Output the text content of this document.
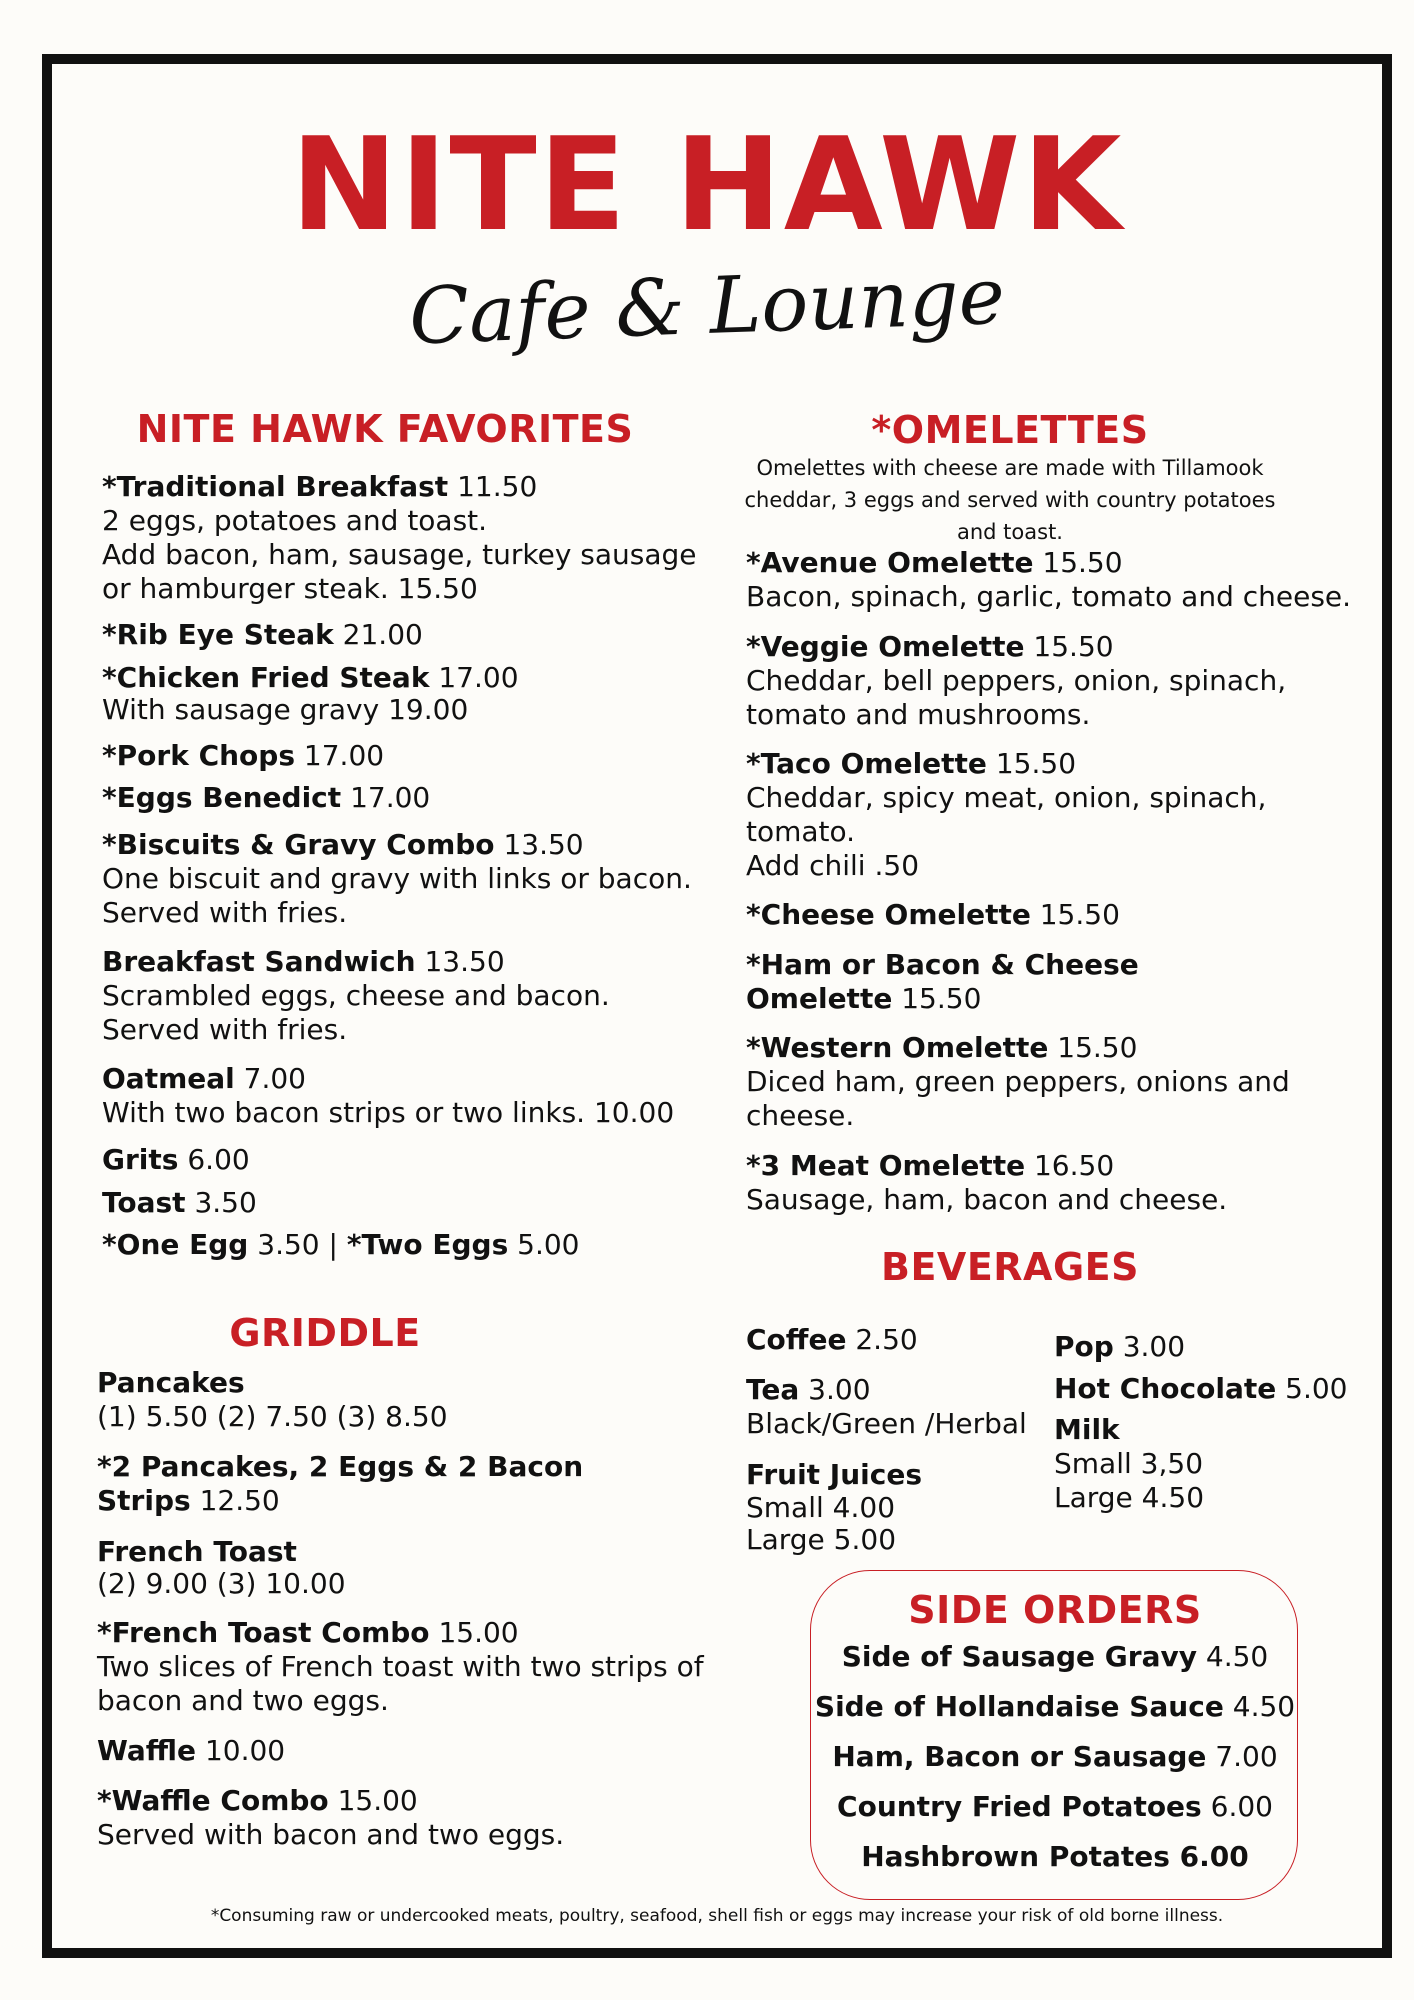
NITE HAWK
Cafe & Lounge
NITE HAWK FAVORITES
*Traditional Breakfast 11.50
2 eggs, potatoes and toast.
Add bacon, ham, sausage, turkey sausage
or hamburger steak. 15.50
*Rib Eye Steak 21.00
*Chicken Fried Steak 17.00
With sausage gravy 19.00
*Pork Chops 17.00
*Eggs Benedict 17.00
*Biscuits & Gravy Combo 13.50
One biscuit and gravy with links or bacon.
Served with fries.
Breakfast Sandwich 13.50
Scrambled eggs, cheese and bacon.
Served with fries.
Oatmeal 7.00
With two bacon strips or two links. 10.00
Grits 6.00
Toast 3.50
*One Egg 3.50 | *Two Eggs 5.00
GRIDDLE
Pancakes
(1) 5.50 (2) 7.50 (3) 8.50
*2 Pancakes, 2 Eggs & 2 Bacon
Strips 12.50
French Toast
(2) 9.00 (3) 10.00
*French Toast Combo 15.00
Two slices of French toast with two strips of
bacon and two eggs.
Waffle 10.00
*Waffle Combo 15.00
Served with bacon and two eggs.
*OMELETTES
Omelettes with cheese are made with Tillamook
cheddar, 3 eggs and served with country potatoes
and toast.
*Avenue Omelette 15.50
Bacon, spinach, garlic, tomato and cheese.
*Veggie Omelette 15.50
Cheddar, bell peppers, onion, spinach,
tomato and mushrooms.
*Taco Omelette 15.50
Cheddar, spicy meat, onion, spinach,
tomato.
Add chili .50
*Cheese Omelette 15.50
*Ham or Bacon & Cheese
Omelette 15.50
*Western Omelette 15.50
Diced ham, green peppers, onions and
cheese.
*3 Meat Omelette 16.50
Sausage, ham, bacon and cheese.
BEVERAGES
Coffee 2.50
Tea 3.00
Black/Green /Herbal
Fruit Juices
Small 4.00
Large 5.00
Pop 3.00
Hot Chocolate 5.00
Milk
Small 3,50
Large 4.50
SIDE ORDERS
Side of Sausage Gravy 4.50
Side of Hollandaise Sauce 4.50
Ham, Bacon or Sausage 7.00
Country Fried Potatoes 6.00
Hashbrown Potates 6.00
*Consuming raw or undercooked meats, poultry, seafood, shell fish or eggs may increase your risk of old borne illness.
